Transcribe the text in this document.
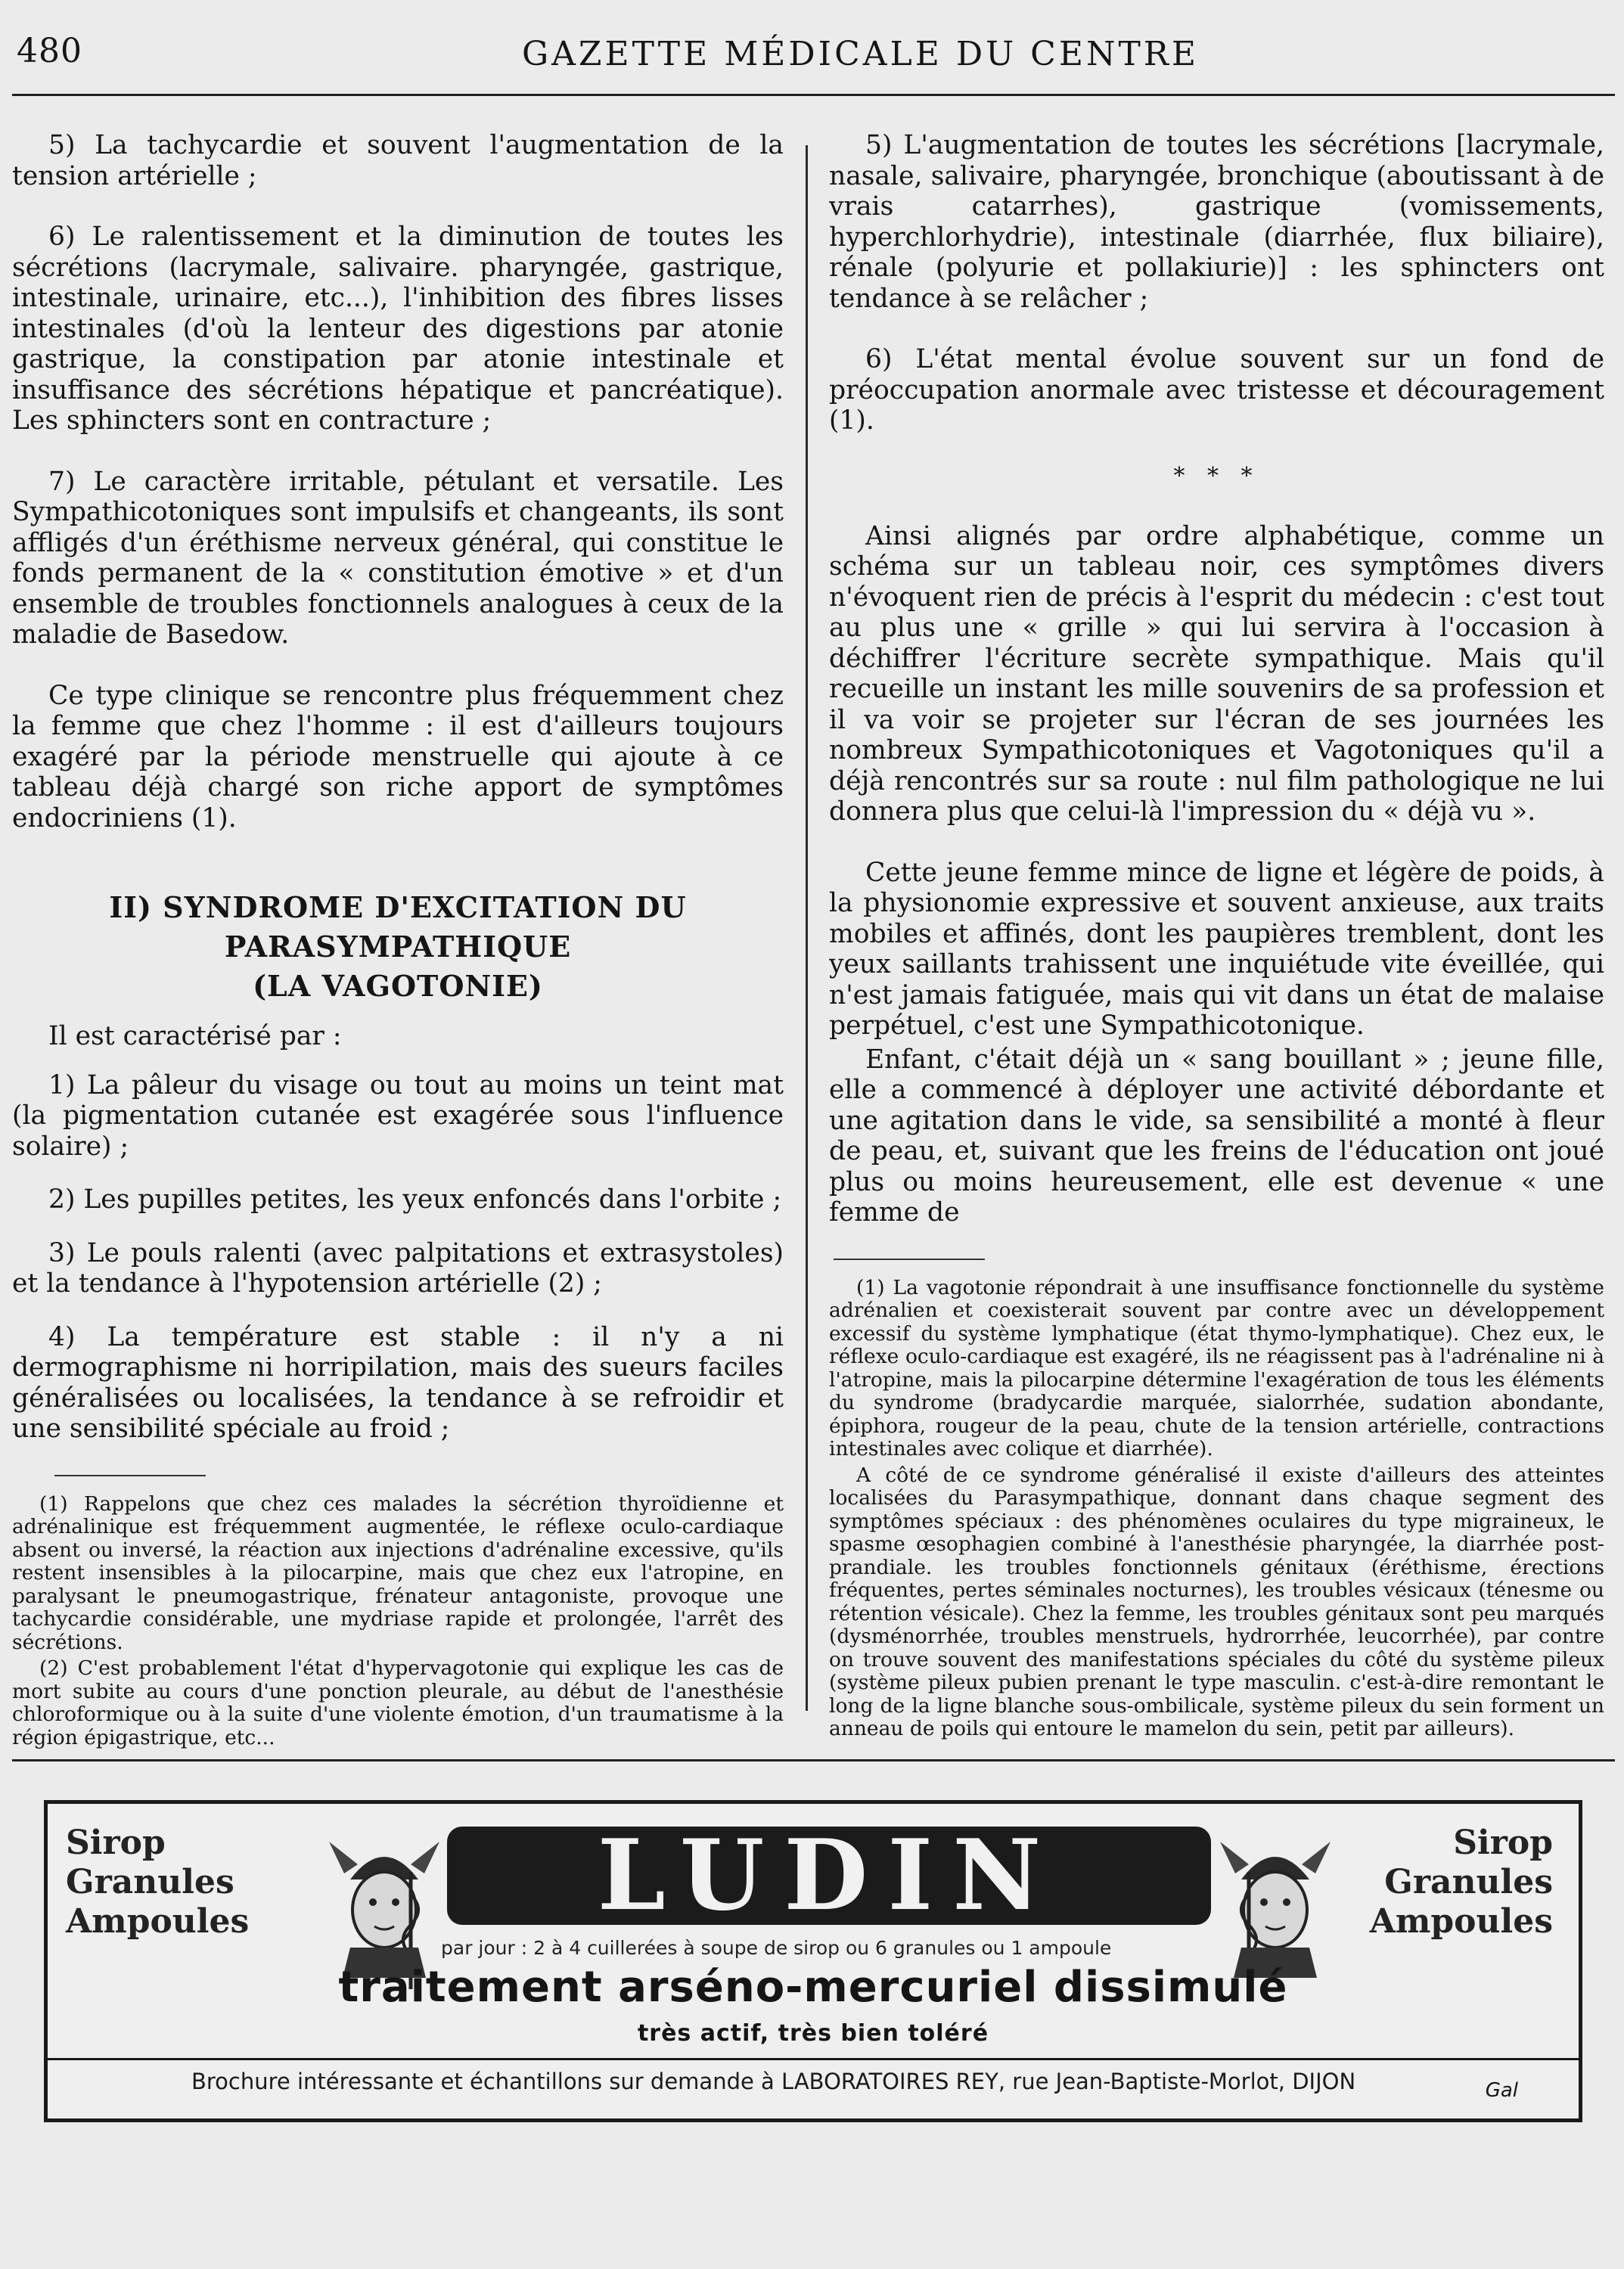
480	GAZETTE MÉDICALE DU CENTRE

5) La tachycardie et souvent l'augmentation de la tension artérielle ;

6) Le ralentissement et la diminution de toutes les sécrétions (lacrymale, salivaire. pharyngée, gastrique, intestinale, urinaire, etc...), l'inhibition des fibres lisses intestinales (d'où la lenteur des digestions par atonie gastrique, la constipation par atonie intestinale et insuffisance des sécrétions hépatique et pancréatique). Les sphincters sont en contracture ;

7) Le caractère irritable, pétulant et versatile. Les Sympathicotoniques sont impulsifs et changeants, ils sont affligés d'un éréthisme nerveux général, qui constitue le fonds permanent de la « constitution émotive » et d'un ensemble de troubles fonctionnels analogues à ceux de la maladie de Basedow.

Ce type clinique se rencontre plus fréquemment chez la femme que chez l'homme : il est d'ailleurs toujours exagéré par la période menstruelle qui ajoute à ce tableau déjà chargé son riche apport de symptômes endocriniens (1).

II) SYNDROME D'EXCITATION DU PARASYMPATHIQUE
(LA VAGOTONIE)

Il est caractérisé par :

1) La pâleur du visage ou tout au moins un teint mat (la pigmentation cutanée est exagérée sous l'influence solaire) ;

2) Les pupilles petites, les yeux enfoncés dans l'orbite ;

3) Le pouls ralenti (avec palpitations et extrasystoles) et la tendance à l'hypotension artérielle (2) ;

4) La température est stable : il n'y a ni dermographisme ni horripilation, mais des sueurs faciles généralisées ou localisées, la tendance à se refroidir et une sensibilité spéciale au froid ;

(1) Rappelons que chez ces malades la sécrétion thyroïdienne et adrénalinique est fréquemment augmentée, le réflexe oculo-cardiaque absent ou inversé, la réaction aux injections d'adrénaline excessive, qu'ils restent insensibles à la pilocarpine, mais que chez eux l'atropine, en paralysant le pneumogastrique, frénateur antagoniste, provoque une tachycardie considérable, une mydriase rapide et prolongée, l'arrêt des sécrétions.

(2) C'est probablement l'état d'hypervagotonie qui explique les cas de mort subite au cours d'une ponction pleurale, au début de l'anesthésie chloroformique ou à la suite d'une violente émotion, d'un traumatisme à la région épigastrique, etc...

5) L'augmentation de toutes les sécrétions [lacrymale, nasale, salivaire, pharyngée, bronchique (aboutissant à de vrais catarrhes), gastrique (vomissements, hyperchlorhydrie), intestinale (diarrhée, flux biliaire), rénale (polyurie et pollakiurie)] : les sphincters ont tendance à se relâcher ;

6) L'état mental évolue souvent sur un fond de préoccupation anormale avec tristesse et découragement (1).

* * *

Ainsi alignés par ordre alphabétique, comme un schéma sur un tableau noir, ces symptômes divers n'évoquent rien de précis à l'esprit du médecin : c'est tout au plus une « grille » qui lui servira à l'occasion à déchiffrer l'écriture secrète sympathique. Mais qu'il recueille un instant les mille souvenirs de sa profession et il va voir se projeter sur l'écran de ses journées les nombreux Sympathicotoniques et Vagotoniques qu'il a déjà rencontrés sur sa route : nul film pathologique ne lui donnera plus que celui-là l'impression du « déjà vu ».

Cette jeune femme mince de ligne et légère de poids, à la physionomie expressive et souvent anxieuse, aux traits mobiles et affinés, dont les paupières tremblent, dont les yeux saillants trahissent une inquiétude vite éveillée, qui n'est jamais fatiguée, mais qui vit dans un état de malaise perpétuel, c'est une Sympathicotonique.

Enfant, c'était déjà un « sang bouillant » ; jeune fille, elle a commencé à déployer une activité débordante et une agitation dans le vide, sa sensibilité a monté à fleur de peau, et, suivant que les freins de l'éducation ont joué plus ou moins heureusement, elle est devenue « une femme de

(1) La vagotonie répondrait à une insuffisance fonctionnelle du système adrénalien et coexisterait souvent par contre avec un développement excessif du système lymphatique (état thymo-lymphatique). Chez eux, le réflexe oculo-cardiaque est exagéré, ils ne réagissent pas à l'adrénaline ni à l'atropine, mais la pilocarpine détermine l'exagération de tous les éléments du syndrome (bradycardie marquée, sialorrhée, sudation abondante, épiphora, rougeur de la peau, chute de la tension artérielle, contractions intestinales avec colique et diarrhée).

A côté de ce syndrome généralisé il existe d'ailleurs des atteintes localisées du Parasympathique, donnant dans chaque segment des symptômes spéciaux : des phénomènes oculaires du type migraineux, le spasme œsophagien combiné à l'anesthésie pharyngée, la diarrhée post-prandiale. les troubles fonctionnels génitaux (éréthisme, érections fréquentes, pertes séminales nocturnes), les troubles vésicaux (ténesme ou rétention vésicale). Chez la femme, les troubles génitaux sont peu marqués (dysménorrhée, troubles menstruels, hydrorrhée, leucorrhée), par contre on trouve souvent des manifestations spéciales du côté du système pileux (système pileux pubien prenant le type masculin. c'est-à-dire remontant le long de la ligne blanche sous-ombilicale, système pileux du sein forment un anneau de poils qui entoure le mamelon du sein, petit par ailleurs).

Sirop
Granules
Ampoules
Sirop
Granules
Ampoules
LUDIN
par jour : 2 à 4 cuillerées à soupe de sirop ou 6 granules ou 1 ampoule
traitement arséno-mercuriel dissimulé
très actif, très bien toléré
Brochure intéressante et échantillons sur demande à LABORATOIRES REY, rue Jean-Baptiste-Morlot, DIJON	Gal
